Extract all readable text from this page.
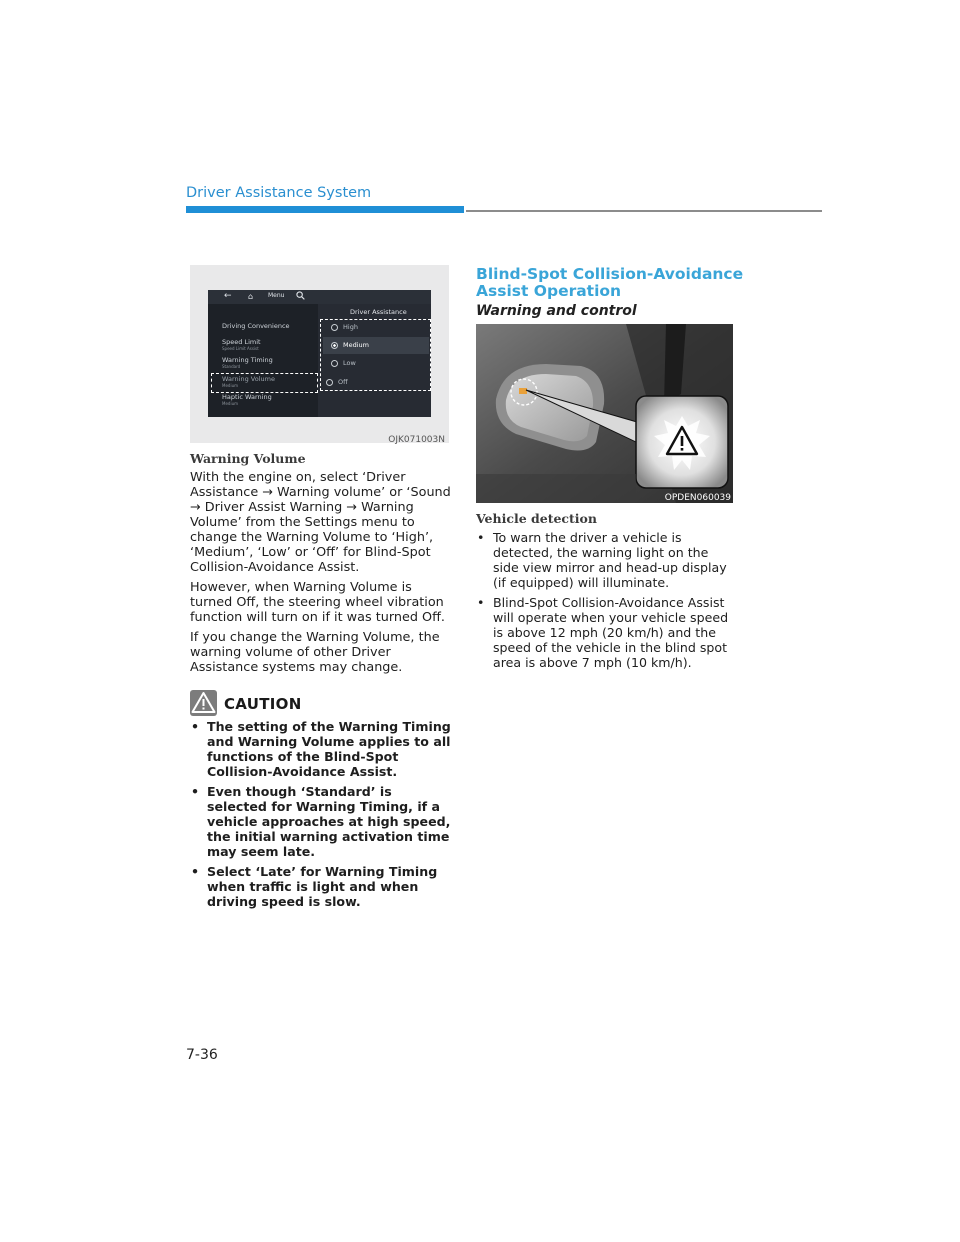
Driver Assistance System
← ⌂ Menu
Driver Assistance
Driving Convenience
Speed Limit
Speed Limit Assist
Warning Timing
Standard
Warning Volume
Medium
Haptic Warning
Medium
High
Medium
Low
Off
OJK071003N
Warning Volume

With the engine on, select ‘Driver Assistance → Warning volume’ or ‘Sound → Driver Assist Warning → Warning Volume’ from the Settings menu to change the Warning Volume to ‘High’, ‘Medium’, ‘Low’ or ‘Off’ for Blind-Spot Collision-Avoidance Assist.

However, when Warning Volume is turned Off, the steering wheel vibration function will turn on if it was turned Off.

If you change the Warning Volume, the warning volume of other Driver Assistance systems may change.

CAUTION

• The setting of the Warning Timing and Warning Volume applies to all functions of the Blind-Spot Collision-Avoidance Assist.

• Even though ‘Standard’ is selected for Warning Timing, if a vehicle approaches at high speed, the initial warning activation time may seem late.

• Select ‘Late’ for Warning Timing when traffic is light and when driving speed is slow.

Blind-Spot Collision-Avoidance
Assist Operation
Warning and control
OPDEN060039
Vehicle detection

• To warn the driver a vehicle is detected, the warning light on the side view mirror and head-up display (if equipped) will illuminate.

• Blind-Spot Collision-Avoidance Assist will operate when your vehicle speed is above 12 mph (20 km/h) and the speed of the vehicle in the blind spot area is above 7 mph (10 km/h).

7-36
